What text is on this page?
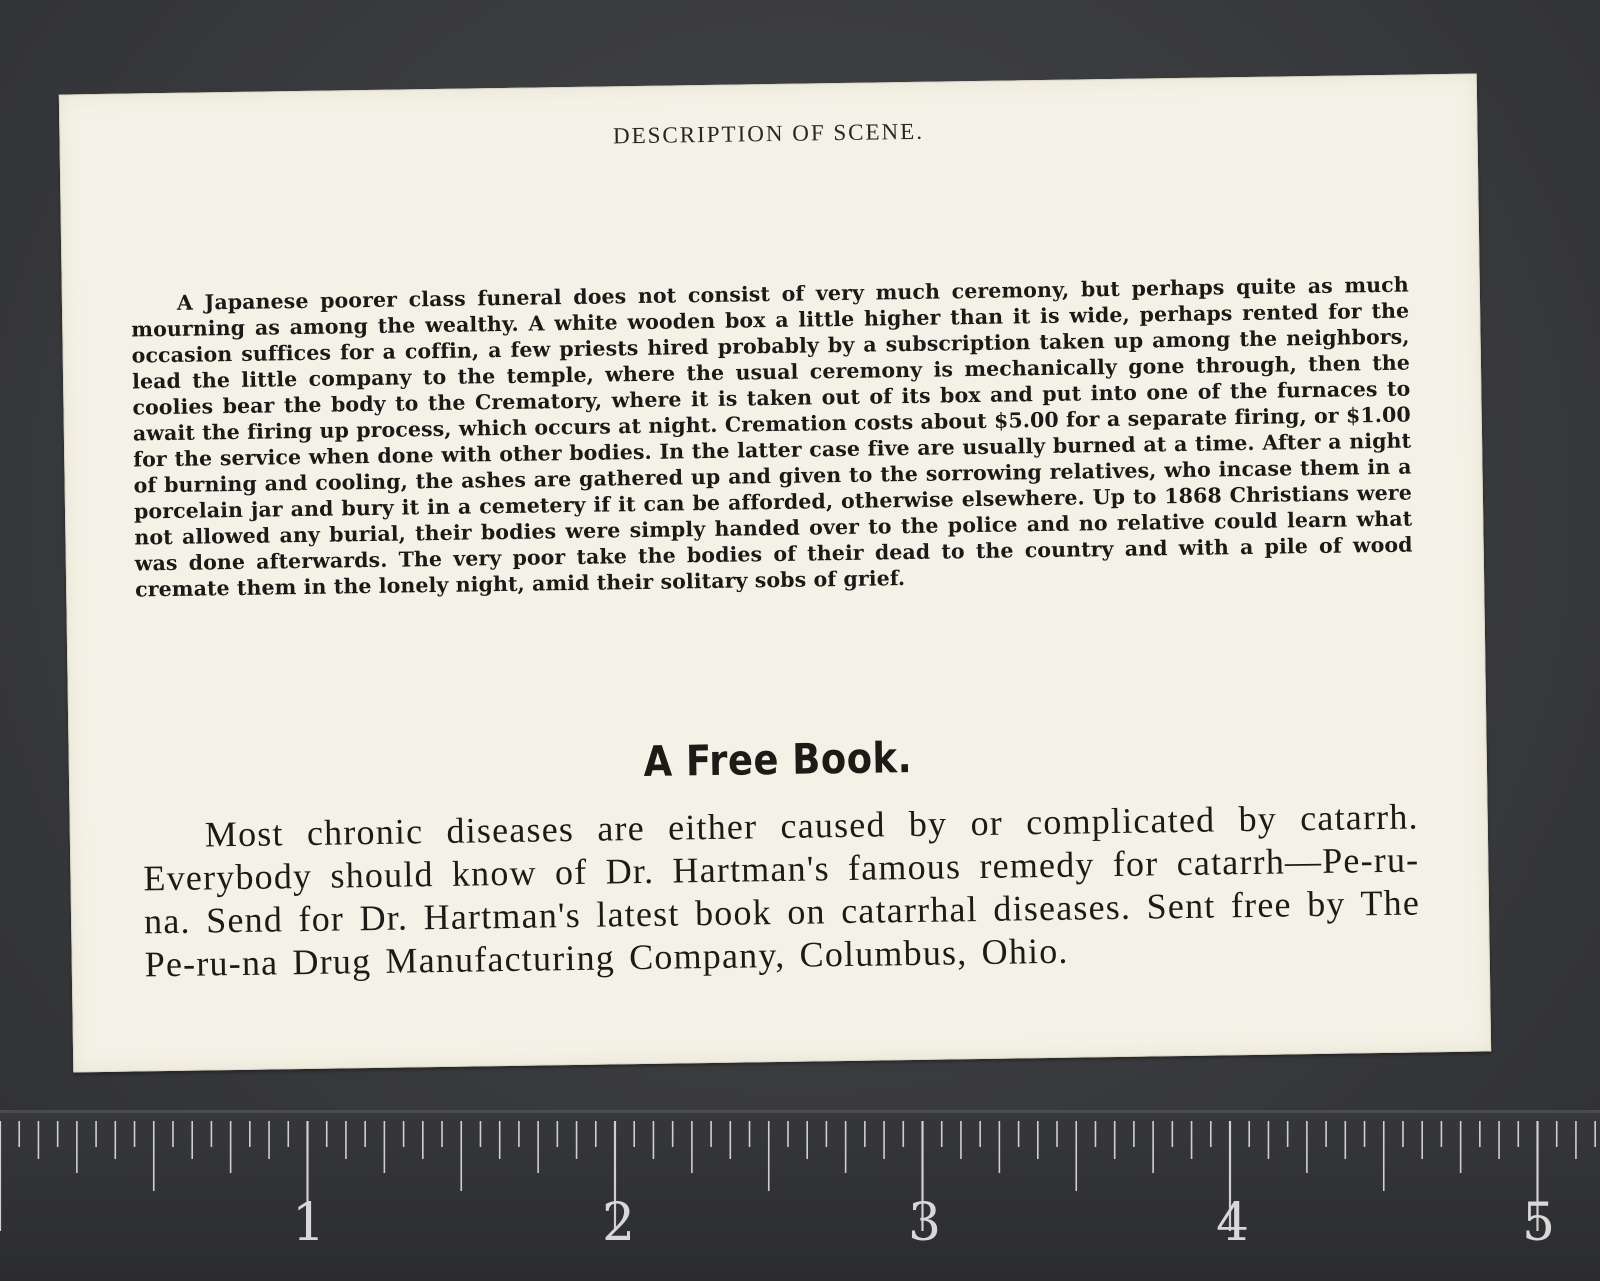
DESCRIPTION OF SCENE.
A Japanese poorer class funeral does not consist of very much ceremony, but perhaps quite as much mourning as among the wealthy. A white wooden box a little higher than it is wide, perhaps rented for the occasion suffices for a coffin, a few priests hired probably by a subscription taken up among the neighbors, lead the little company to the temple, where the usual ceremony is mechanically gone through, then the coolies bear the body to the Crematory, where it is taken out of its box and put into one of the furnaces to await the firing up process, which occurs at night. Cremation costs about $5.00 for a separate firing, or $1.00 for the service when done with other bodies. In the latter case five are usually burned at a time. After a night of burning and cooling, the ashes are gathered up and given to the sorrowing relatives, who incase them in a porcelain jar and bury it in a cemetery if it can be afforded, otherwise elsewhere. Up to 1868 Christians were not allowed any burial, their bodies were simply handed over to the police and no relative could learn what was done afterwards. The very poor take the bodies of their dead to the country and with a pile of wood cremate them in the lonely night, amid their solitary sobs of grief.
A Free Book.
Most chronic diseases are either caused by or complicated by catarrh. Everybody should know of Dr. Hartman's famous remedy for catarrh—Pe-ru-na. Send for Dr. Hartman's latest book on catarrhal diseases. Sent free by The Pe-ru-na Drug Manufacturing Company, Columbus, Ohio.
1	2	3	4	5
